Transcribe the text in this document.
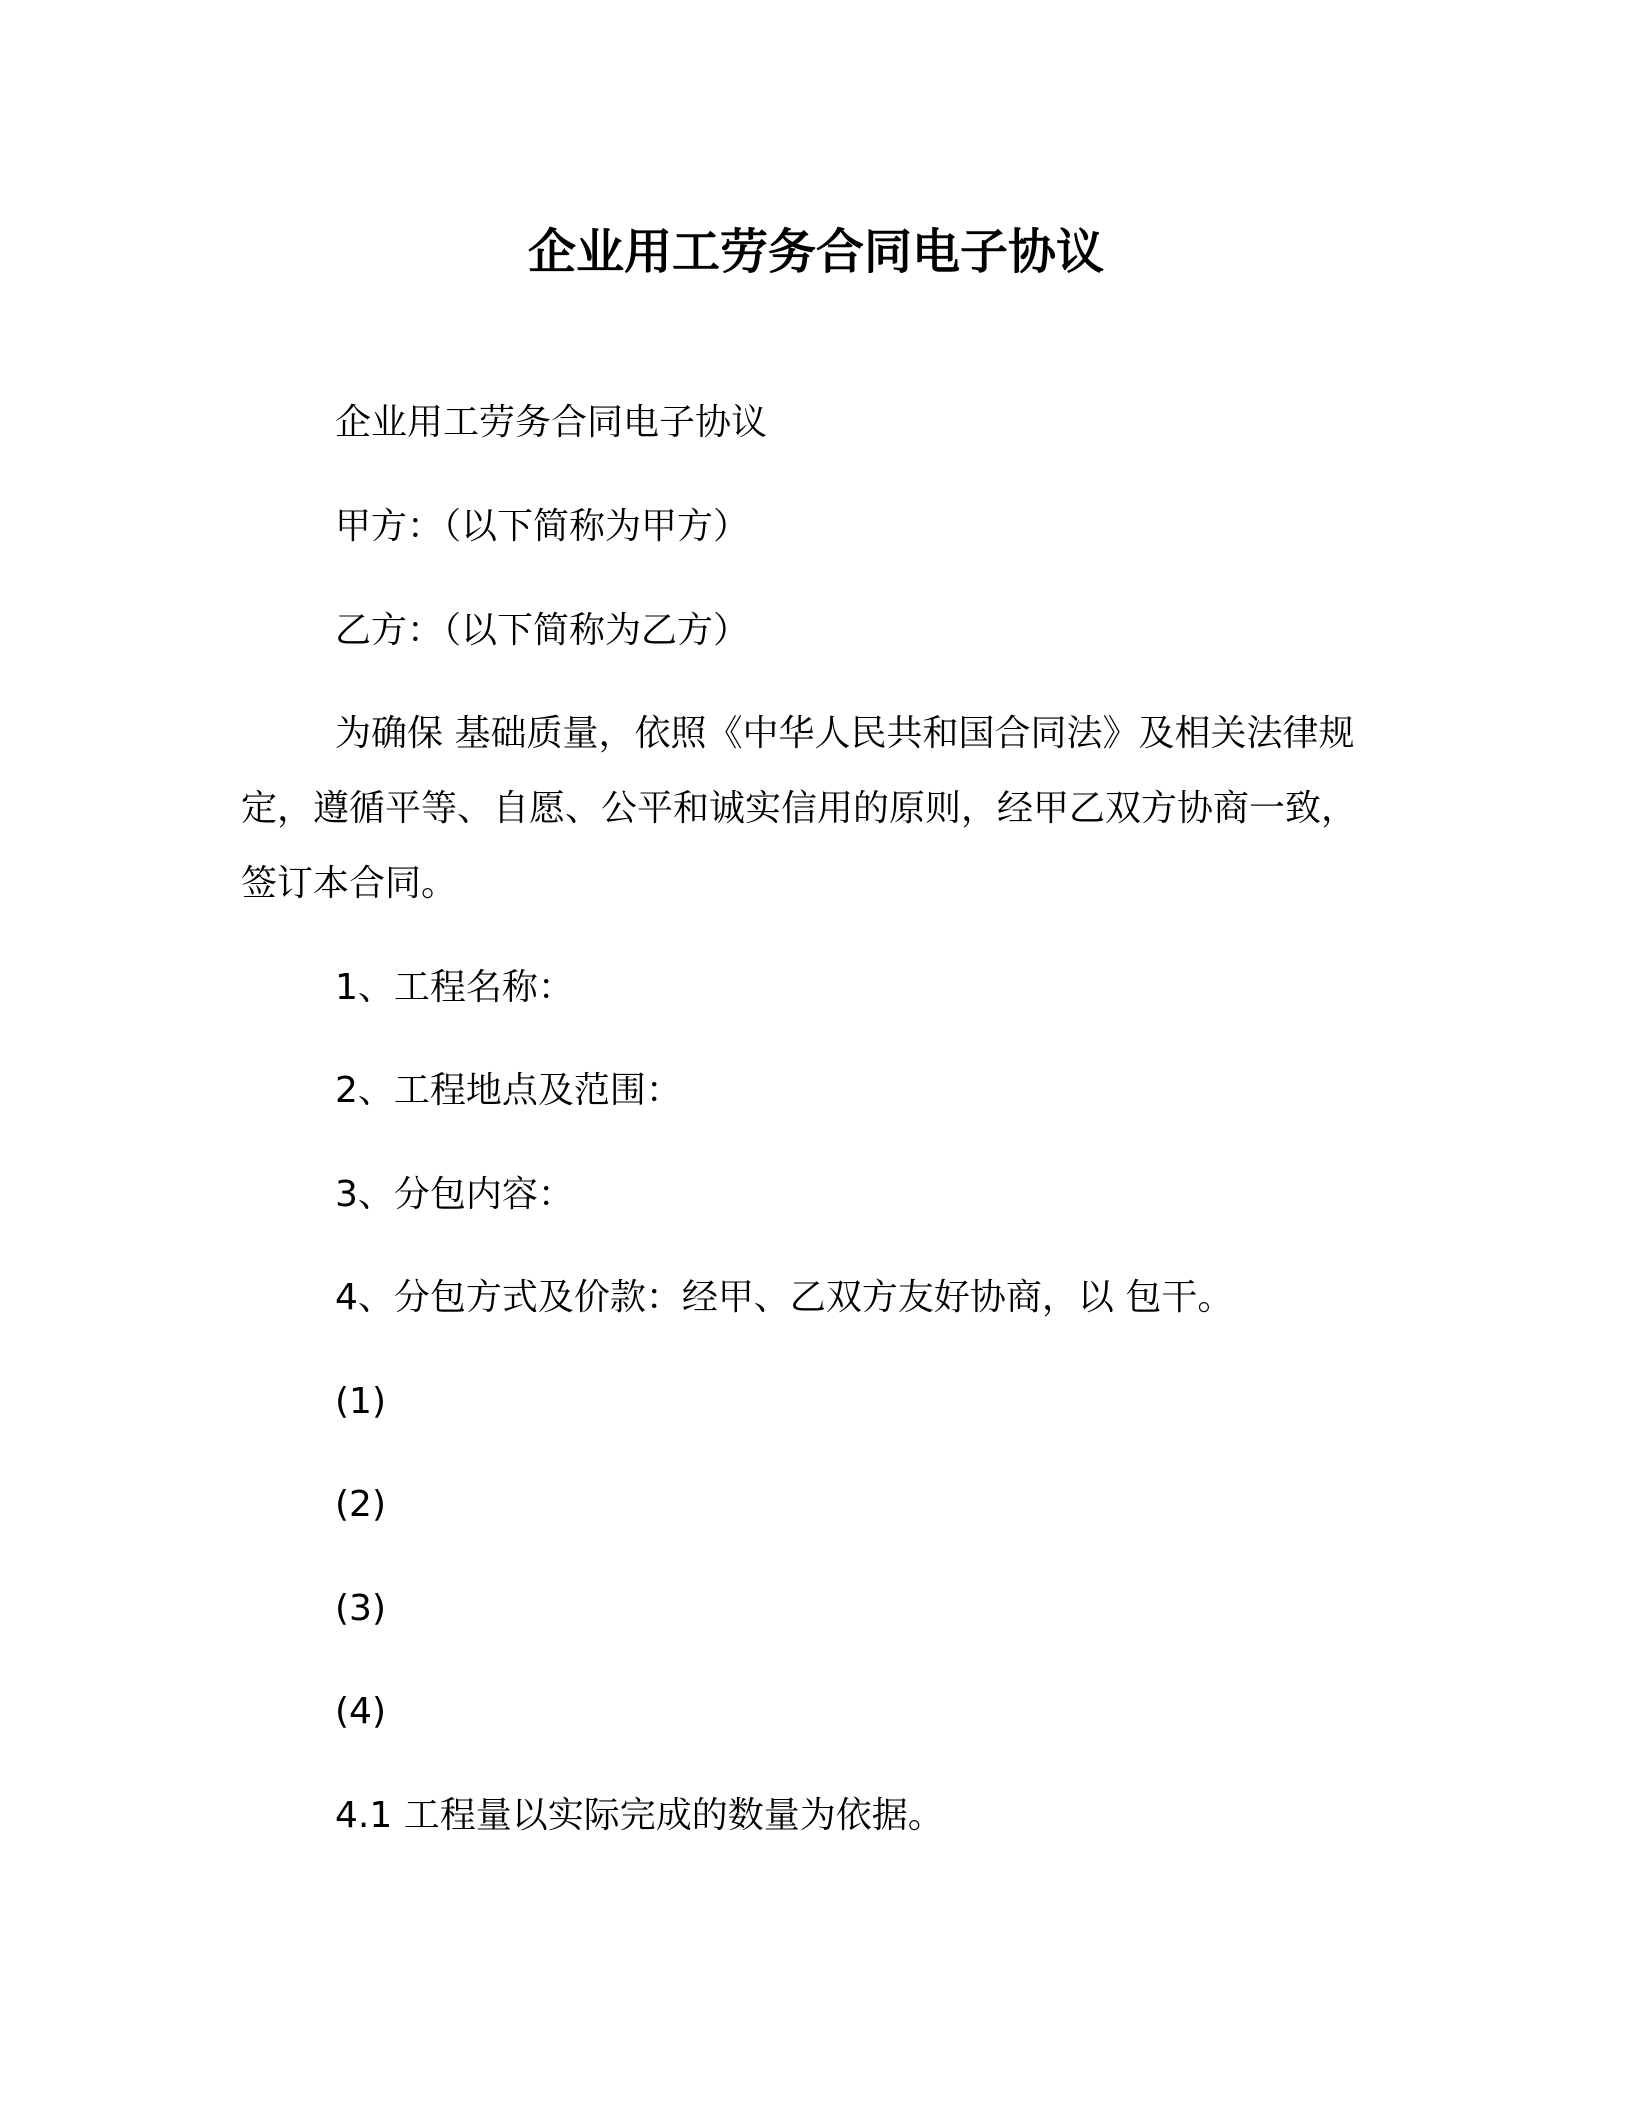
企业用工劳务合同电子协议
企业用工劳务合同电子协议
甲方：（以下简称为甲方）
乙方：（以下简称为乙方）
为确保 基础质量，依照《中华人民共和国合同法》及相关法律规
定，遵循平等、自愿、公平和诚实信用的原则，经甲乙双方协商一致，
签订本合同。
1、工程名称：
2、工程地点及范围：
3、分包内容：
4、分包方式及价款：经甲、乙双方友好协商，以 包干。
(1)
(2)
(3)
(4)
4.1 工程量以实际完成的数量为依据。
